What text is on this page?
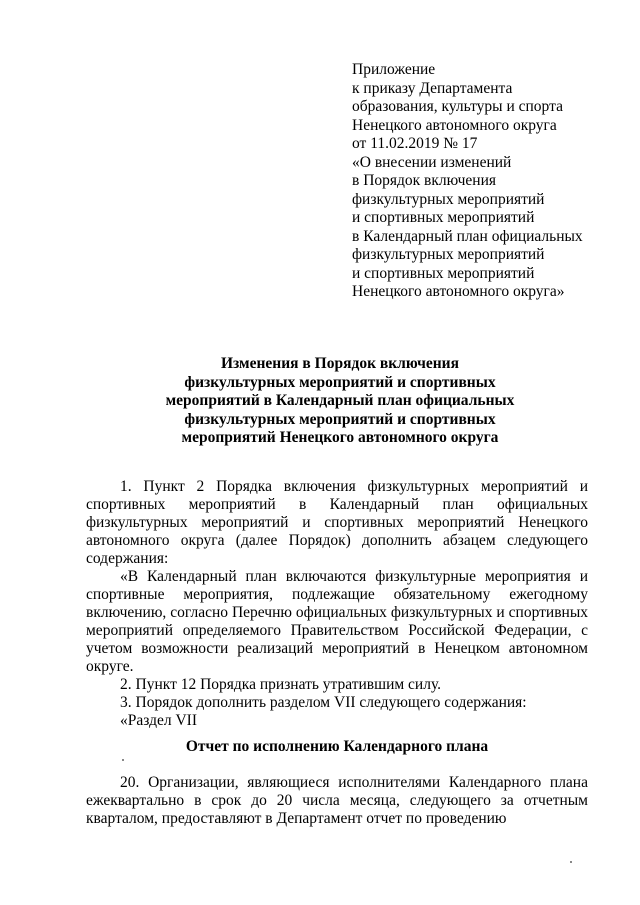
Приложение
к приказу Департамента
образования, культуры и спорта
Ненецкого автономного округа
от 11.02.2019 № 17
«О внесении изменений
в Порядок включения
физкультурных мероприятий
и спортивных мероприятий
в Календарный план официальных
физкультурных мероприятий
и спортивных мероприятий
Ненецкого автономного округа»
Изменения в Порядок включения
физкультурных мероприятий и спортивных
мероприятий в Календарный план официальных
физкультурных мероприятий и спортивных
мероприятий Ненецкого автономного округа

1. Пункт 2 Порядка включения физкультурных мероприятий и спортивных мероприятий в Календарный план официальных физкультурных мероприятий и спортивных мероприятий Ненецкого автономного округа (далее Порядок) дополнить абзацем следующего содержания:

«В Календарный план включаются физкультурные мероприятия и спортивные мероприятия, подлежащие обязательному ежегодному включению, согласно Перечню официальных физкультурных и спортивных мероприятий определяемого Правительством Российской Федерации, с учетом возможности реализаций мероприятий в Ненецком автономном округе.

2. Пункт 12 Порядка признать утратившим силу.

3. Порядок дополнить разделом VII следующего содержания:

«Раздел VII

Отчет по исполнению Календарного плана

20. Организации, являющиеся исполнителями Календарного плана ежеквартально в срок до 20 числа месяца, следующего за отчетным кварталом, предоставляют в Департамент отчет по проведению
